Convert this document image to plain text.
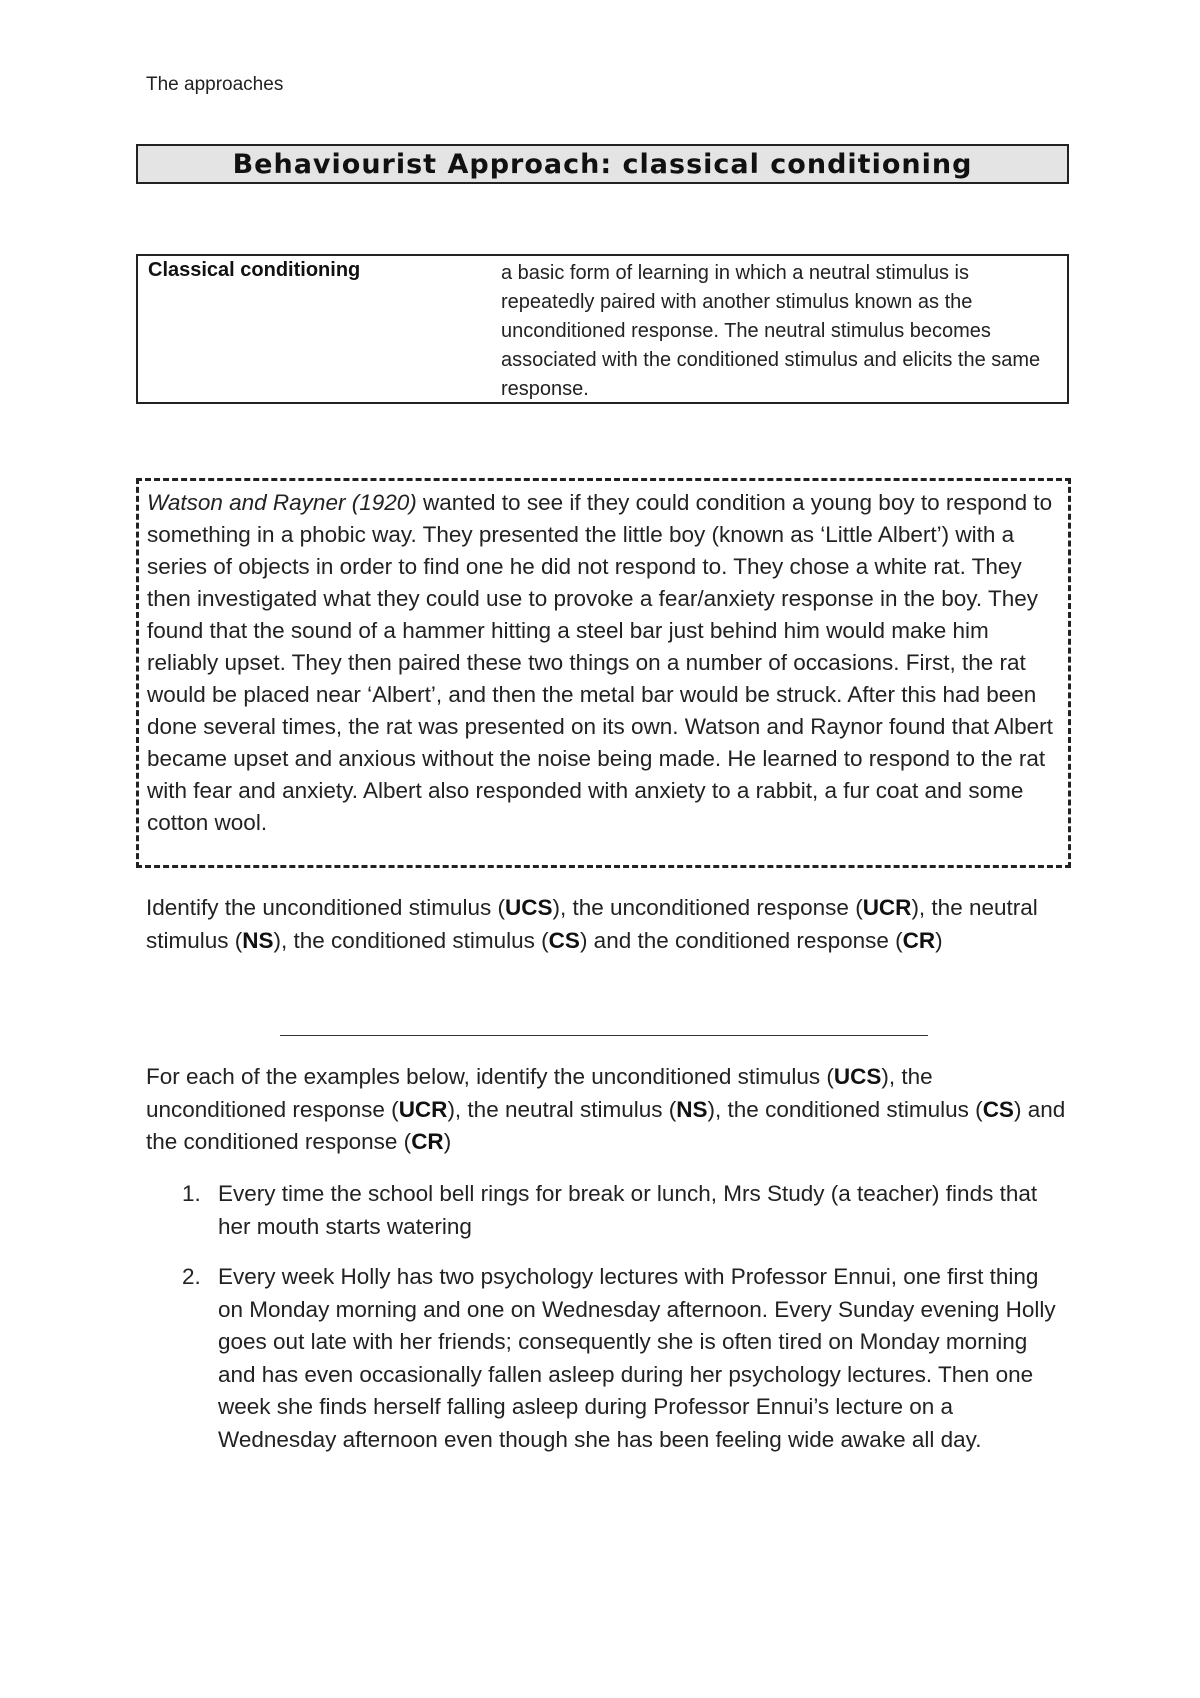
The approaches
Behaviourist Approach: classical conditioning
Classical conditioning	a basic form of learning in which a neutral stimulus is repeatedly paired with another stimulus known as the unconditioned response. The neutral stimulus becomes associated with the conditioned stimulus and elicits the same response.
Watson and Rayner (1920) wanted to see if they could condition a young boy to respond to something in a phobic way. They presented the little boy (known as ‘Little Albert’) with a series of objects in order to find one he did not respond to. They chose a white rat. They then investigated what they could use to provoke a fear/anxiety response in the boy. They found that the sound of a hammer hitting a steel bar just behind him would make him reliably upset. They then paired these two things on a number of occasions. First, the rat would be placed near ‘Albert’, and then the metal bar would be struck. After this had been done several times, the rat was presented on its own. Watson and Raynor found that Albert became upset and anxious without the noise being made. He learned to respond to the rat with fear and anxiety. Albert also responded with anxiety to a rabbit, a fur coat and some cotton wool.

Identify the unconditioned stimulus (UCS), the unconditioned response (UCR), the neutral stimulus (NS), the conditioned stimulus (CS) and the conditioned response (CR)

For each of the examples below, identify the unconditioned stimulus (UCS), the unconditioned response (UCR), the neutral stimulus (NS), the conditioned stimulus (CS) and the conditioned response (CR)

1. Every time the school bell rings for break or lunch, Mrs Study (a teacher) finds that her mouth starts watering
2. Every week Holly has two psychology lectures with Professor Ennui, one first thing on Monday morning and one on Wednesday afternoon. Every Sunday evening Holly goes out late with her friends; consequently she is often tired on Monday morning and has even occasionally fallen asleep during her psychology lectures. Then one week she finds herself falling asleep during Professor Ennui’s lecture on a Wednesday afternoon even though she has been feeling wide awake all day.
